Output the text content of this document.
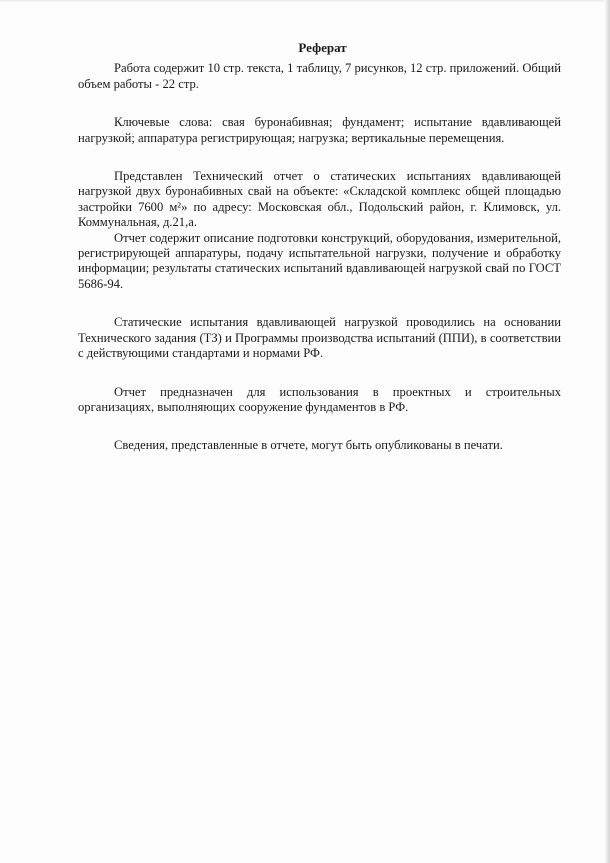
Реферат

Работа содержит 10 стр. текста, 1 таблицу, 7 рисунков, 12 стр. приложений. Общий объем работы - 22 стр.

Ключевые слова: свая буронабивная; фундамент; испытание вдавливающей нагрузкой; аппаратура регистрирующая; нагрузка; вертикальные перемещения.

Представлен Технический отчет о статических испытаниях вдавливающей нагрузкой двух буронабивных свай на объекте: «Складской комплекс общей площадью застройки 7600 м²» по адресу: Московская обл., Подольский район, г. Климовск, ул. Коммунальная, д.21,а.

Отчет содержит описание подготовки конструкций, оборудования, измерительной, регистрирующей аппаратуры, подачу испытательной нагрузки, получение и обработку информации; результаты статических испытаний вдавливающей нагрузкой свай по ГОСТ 5686-94.

Статические испытания вдавливающей нагрузкой проводились на основании Технического задания (ТЗ) и Программы производства испытаний (ППИ), в соответствии с действующими стандартами и нормами РФ.

Отчет предназначен для использования в проектных и строительных организациях, выполняющих сооружение фундаментов в РФ.

Сведения, представленные в отчете, могут быть опубликованы в печати.
